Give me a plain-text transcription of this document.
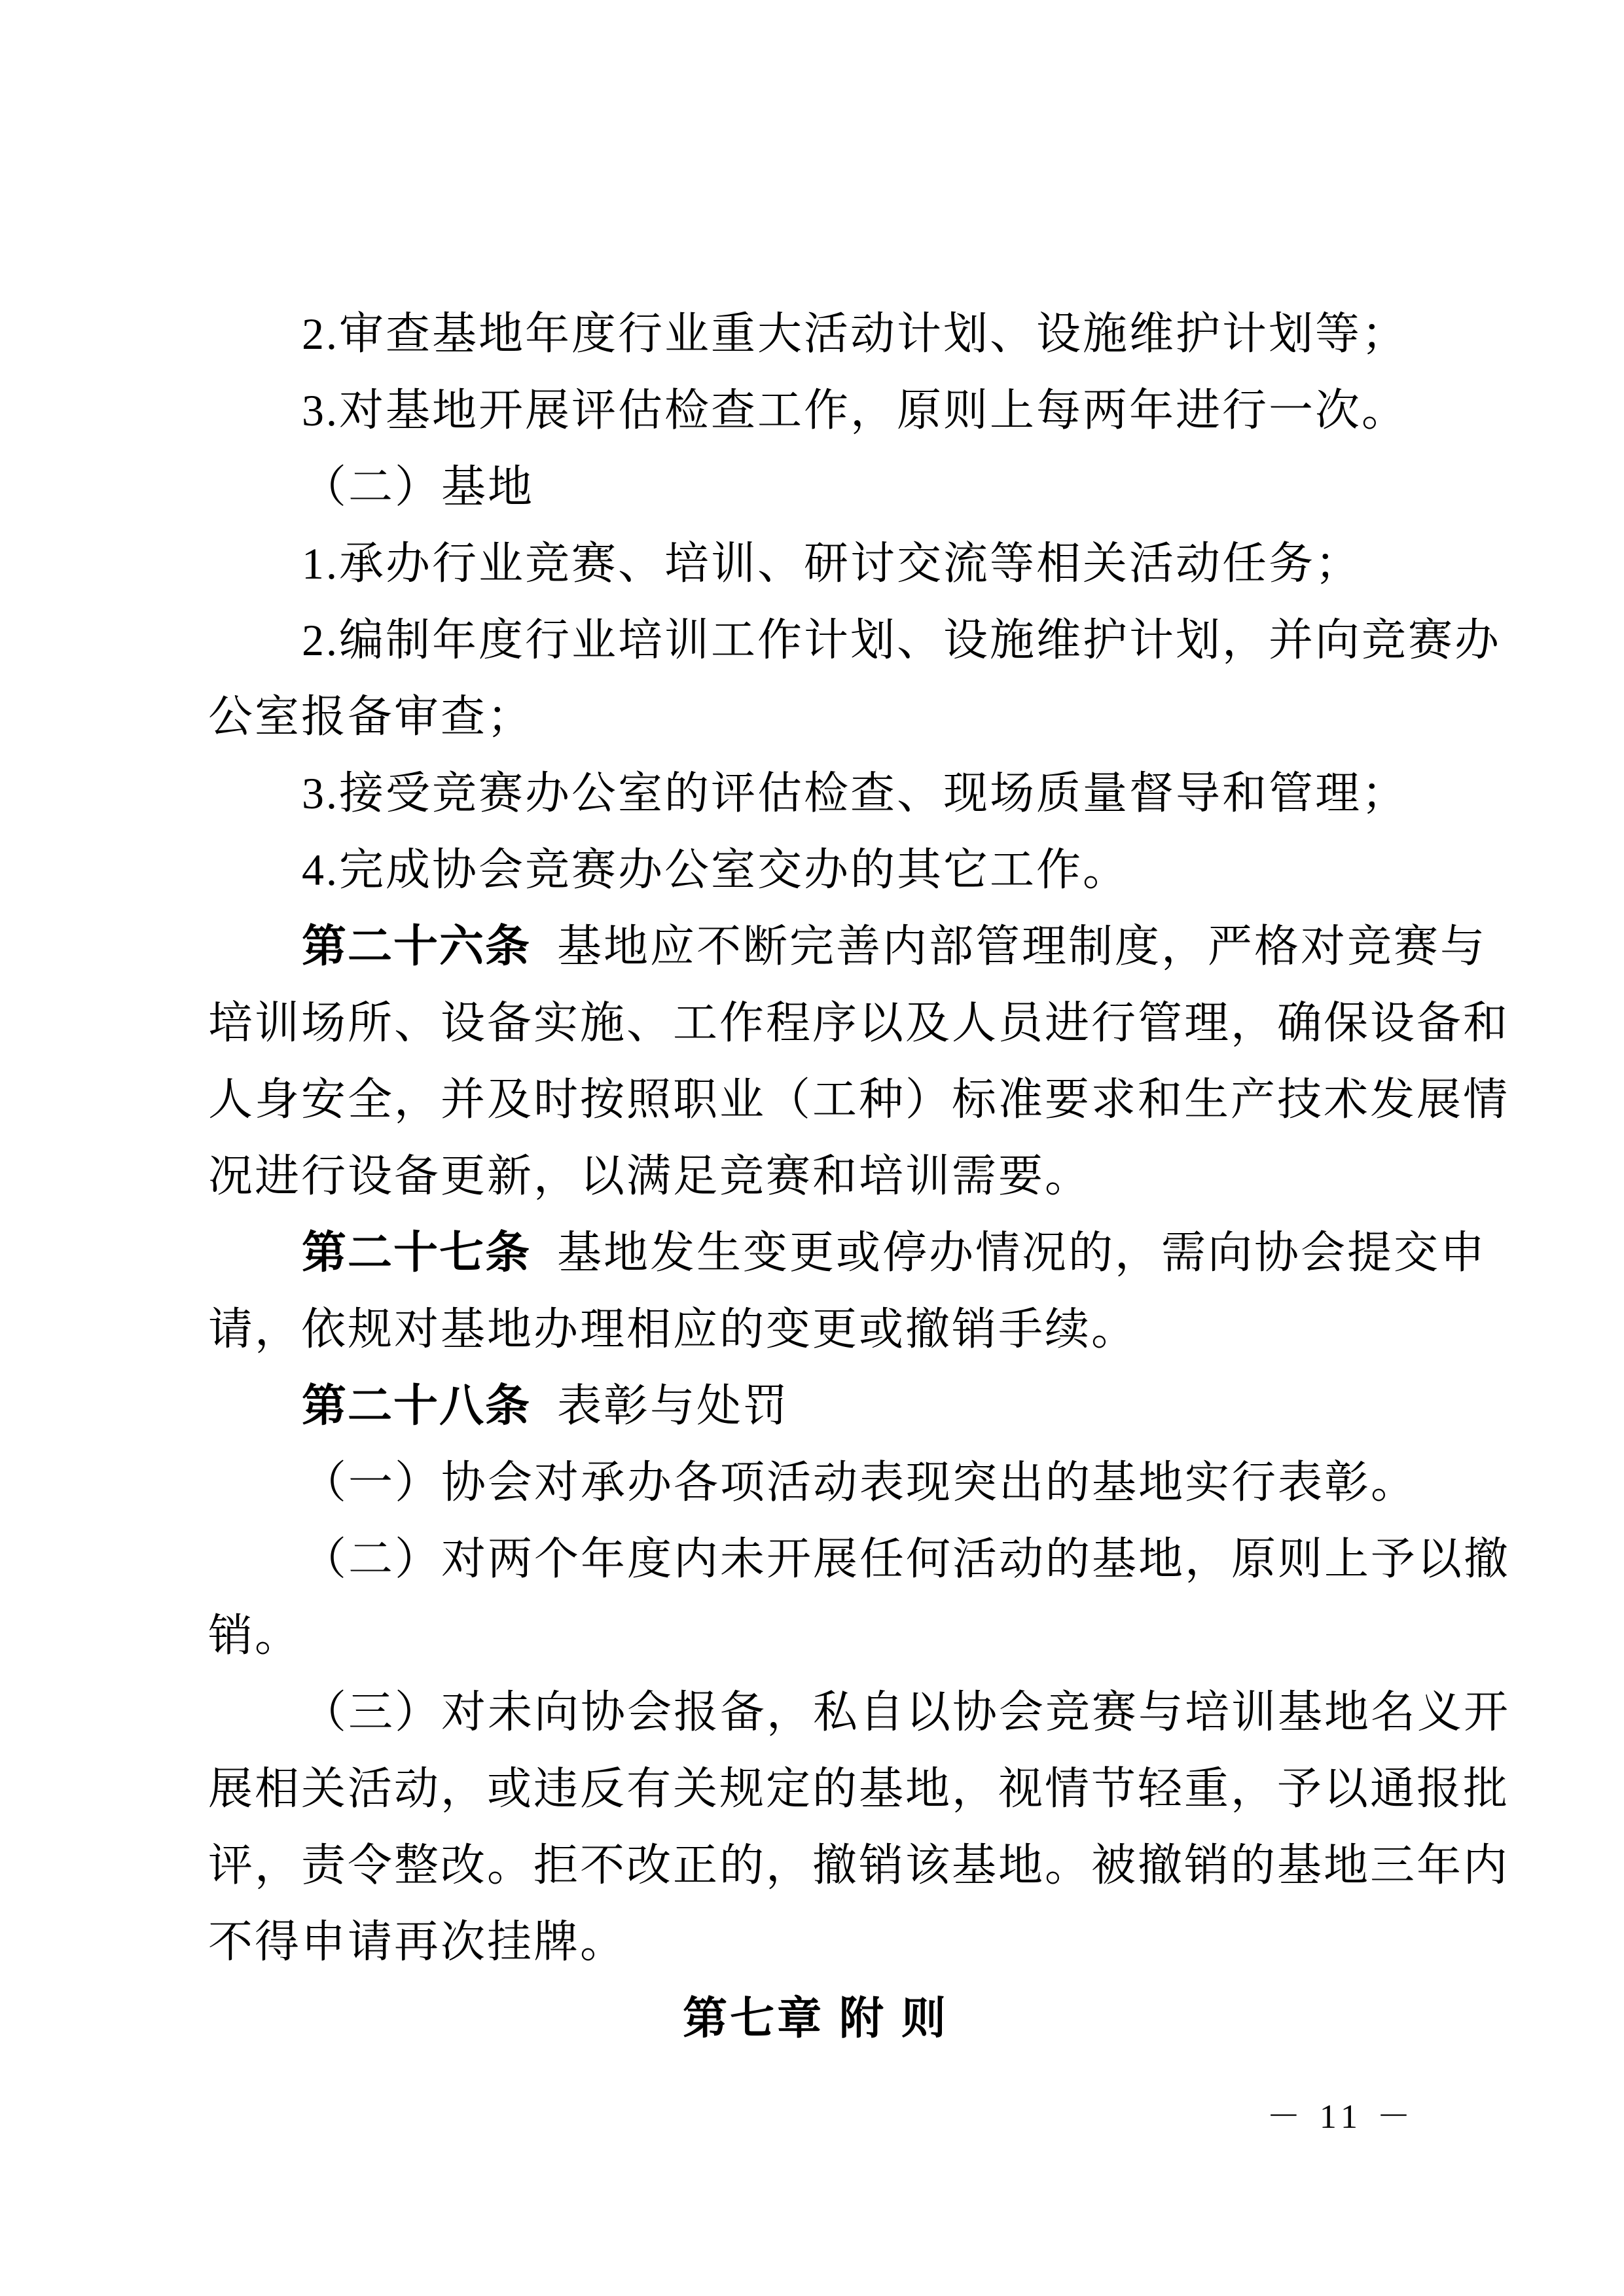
2.审查基地年度行业重大活动计划、设施维护计划等；
3.对基地开展评估检查工作，原则上每两年进行一次。
（二）基地
1.承办行业竞赛、培训、研讨交流等相关活动任务；
2.编制年度行业培训工作计划、设施维护计划，并向竞赛办
公室报备审查；
3.接受竞赛办公室的评估检查、现场质量督导和管理；
4.完成协会竞赛办公室交办的其它工作。
第二十六条 基地应不断完善内部管理制度，严格对竞赛与
培训场所、设备实施、工作程序以及人员进行管理，确保设备和
人身安全，并及时按照职业（工种）标准要求和生产技术发展情
况进行设备更新，以满足竞赛和培训需要。
第二十七条 基地发生变更或停办情况的，需向协会提交申
请，依规对基地办理相应的变更或撤销手续。
第二十八条 表彰与处罚
（一）协会对承办各项活动表现突出的基地实行表彰。
（二）对两个年度内未开展任何活动的基地，原则上予以撤
销。
（三）对未向协会报备，私自以协会竞赛与培训基地名义开
展相关活动，或违反有关规定的基地，视情节轻重，予以通报批
评，责令整改。拒不改正的，撤销该基地。被撤销的基地三年内
不得申请再次挂牌。
第七章 附 则
－ 11 －
